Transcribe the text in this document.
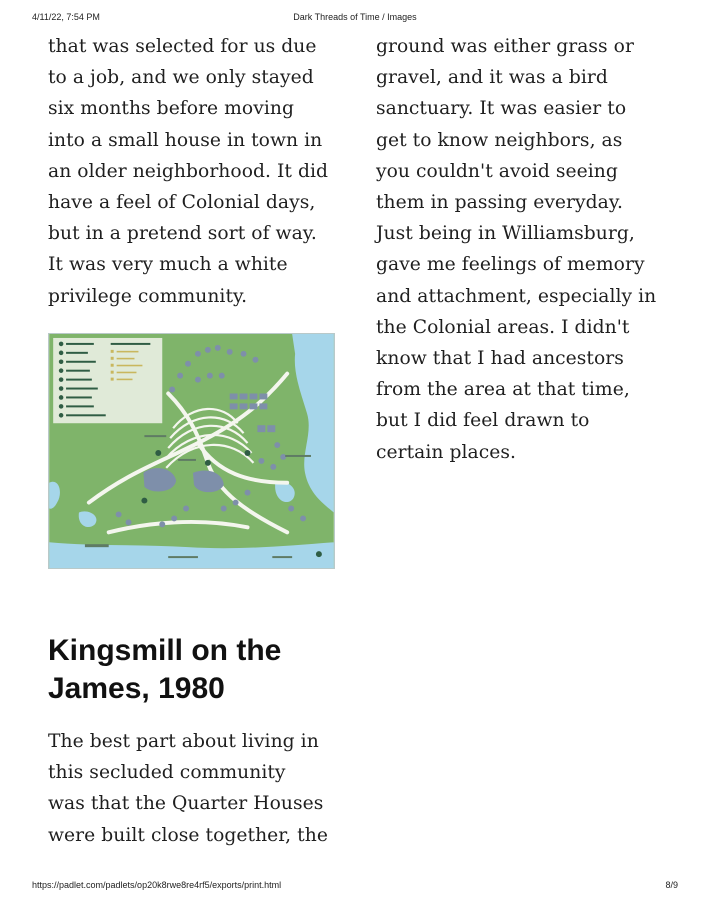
4/11/22, 7:54 PM	Dark Threads of Time / Images

that was selected for us due
to a job, and we only stayed
six months before moving
into a small house in town in
an older neighborhood. It did
have a feel of Colonial days,
but in a pretend sort of way.
It was very much a white
privilege community.

Kingsmill on the
James, 1980

The best part about living in
this secluded community
was that the Quarter Houses
were built close together, the

ground was either grass or
gravel, and it was a bird
sanctuary. It was easier to
get to know neighbors, as
you couldn't avoid seeing
them in passing everyday.
Just being in Williamsburg,
gave me feelings of memory
and attachment, especially in
the Colonial areas. I didn't
know that I had ancestors
from the area at that time,
but I did feel drawn to
certain places.

https://padlet.com/padlets/op20k8rwe8re4rf5/exports/print.html	8/9
